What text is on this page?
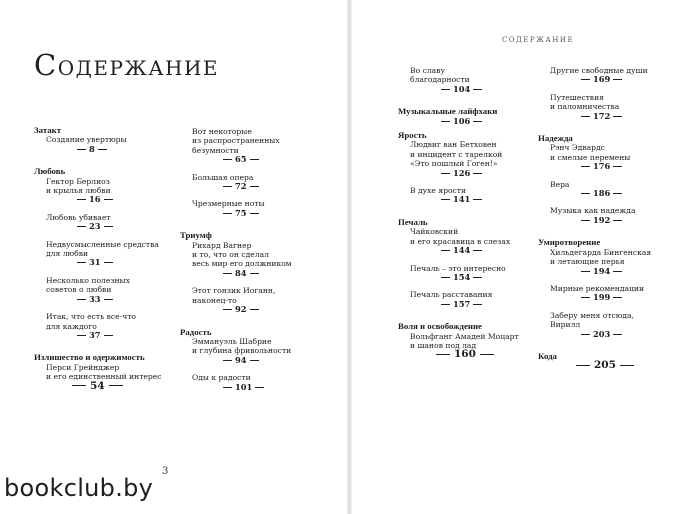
Содержание
Затакт
Создание увертюры
8
Любовь
Гектор Берлиоз
и крылья любви
16
Любовь убивает
23
Недвусмысленные средства
для любви
31
Несколько полезных
советов о любви
33
Итак, что есть все-что
для каждого
37
Излишество и одержимость
Перси Грейнджер
и его единственный интерес
54
Вот некоторые
из распространенных
безумности
65
Большая опера
72
Чрезмерные ноты
75
Триумф
Рихард Вагнер
и то, что он сделал
весь мир его должником
84
Этот гонзик Иоганн,
наконец-то
92
Радость
Эммануэль Шабрие
и глубина фривольности
94
Оды к радости
101
3
СОДЕРЖАНИЕ
Во славу
благодарности
104
Музыкальные лайфхаки
106
Ярость
Людвиг ван Бетховен
и инцидент с тарелкой
«Это пошлый Гоген!»
126
В духе ярости
141
Печаль
Чайковский
и его красавица в слезах
144
Печаль – это интересно
154
Печаль расставания
157
Воля и освобождение
Вольфганг Амадей Моцарт
и шанов под лад
160
Другие свободные души
169
Путешествия
и паломничества
172
Надежда
Рэнч Эдвардс
и смелые перемены
176
Вера
186
Музыка как надежда
192
Умиротворение
Хильдегарда Бингенская
и летающие перья
194
Мирные рекомендации
199
Заберу меня отсюда,
Вирилл
203
Кода
205
bookclub.by
